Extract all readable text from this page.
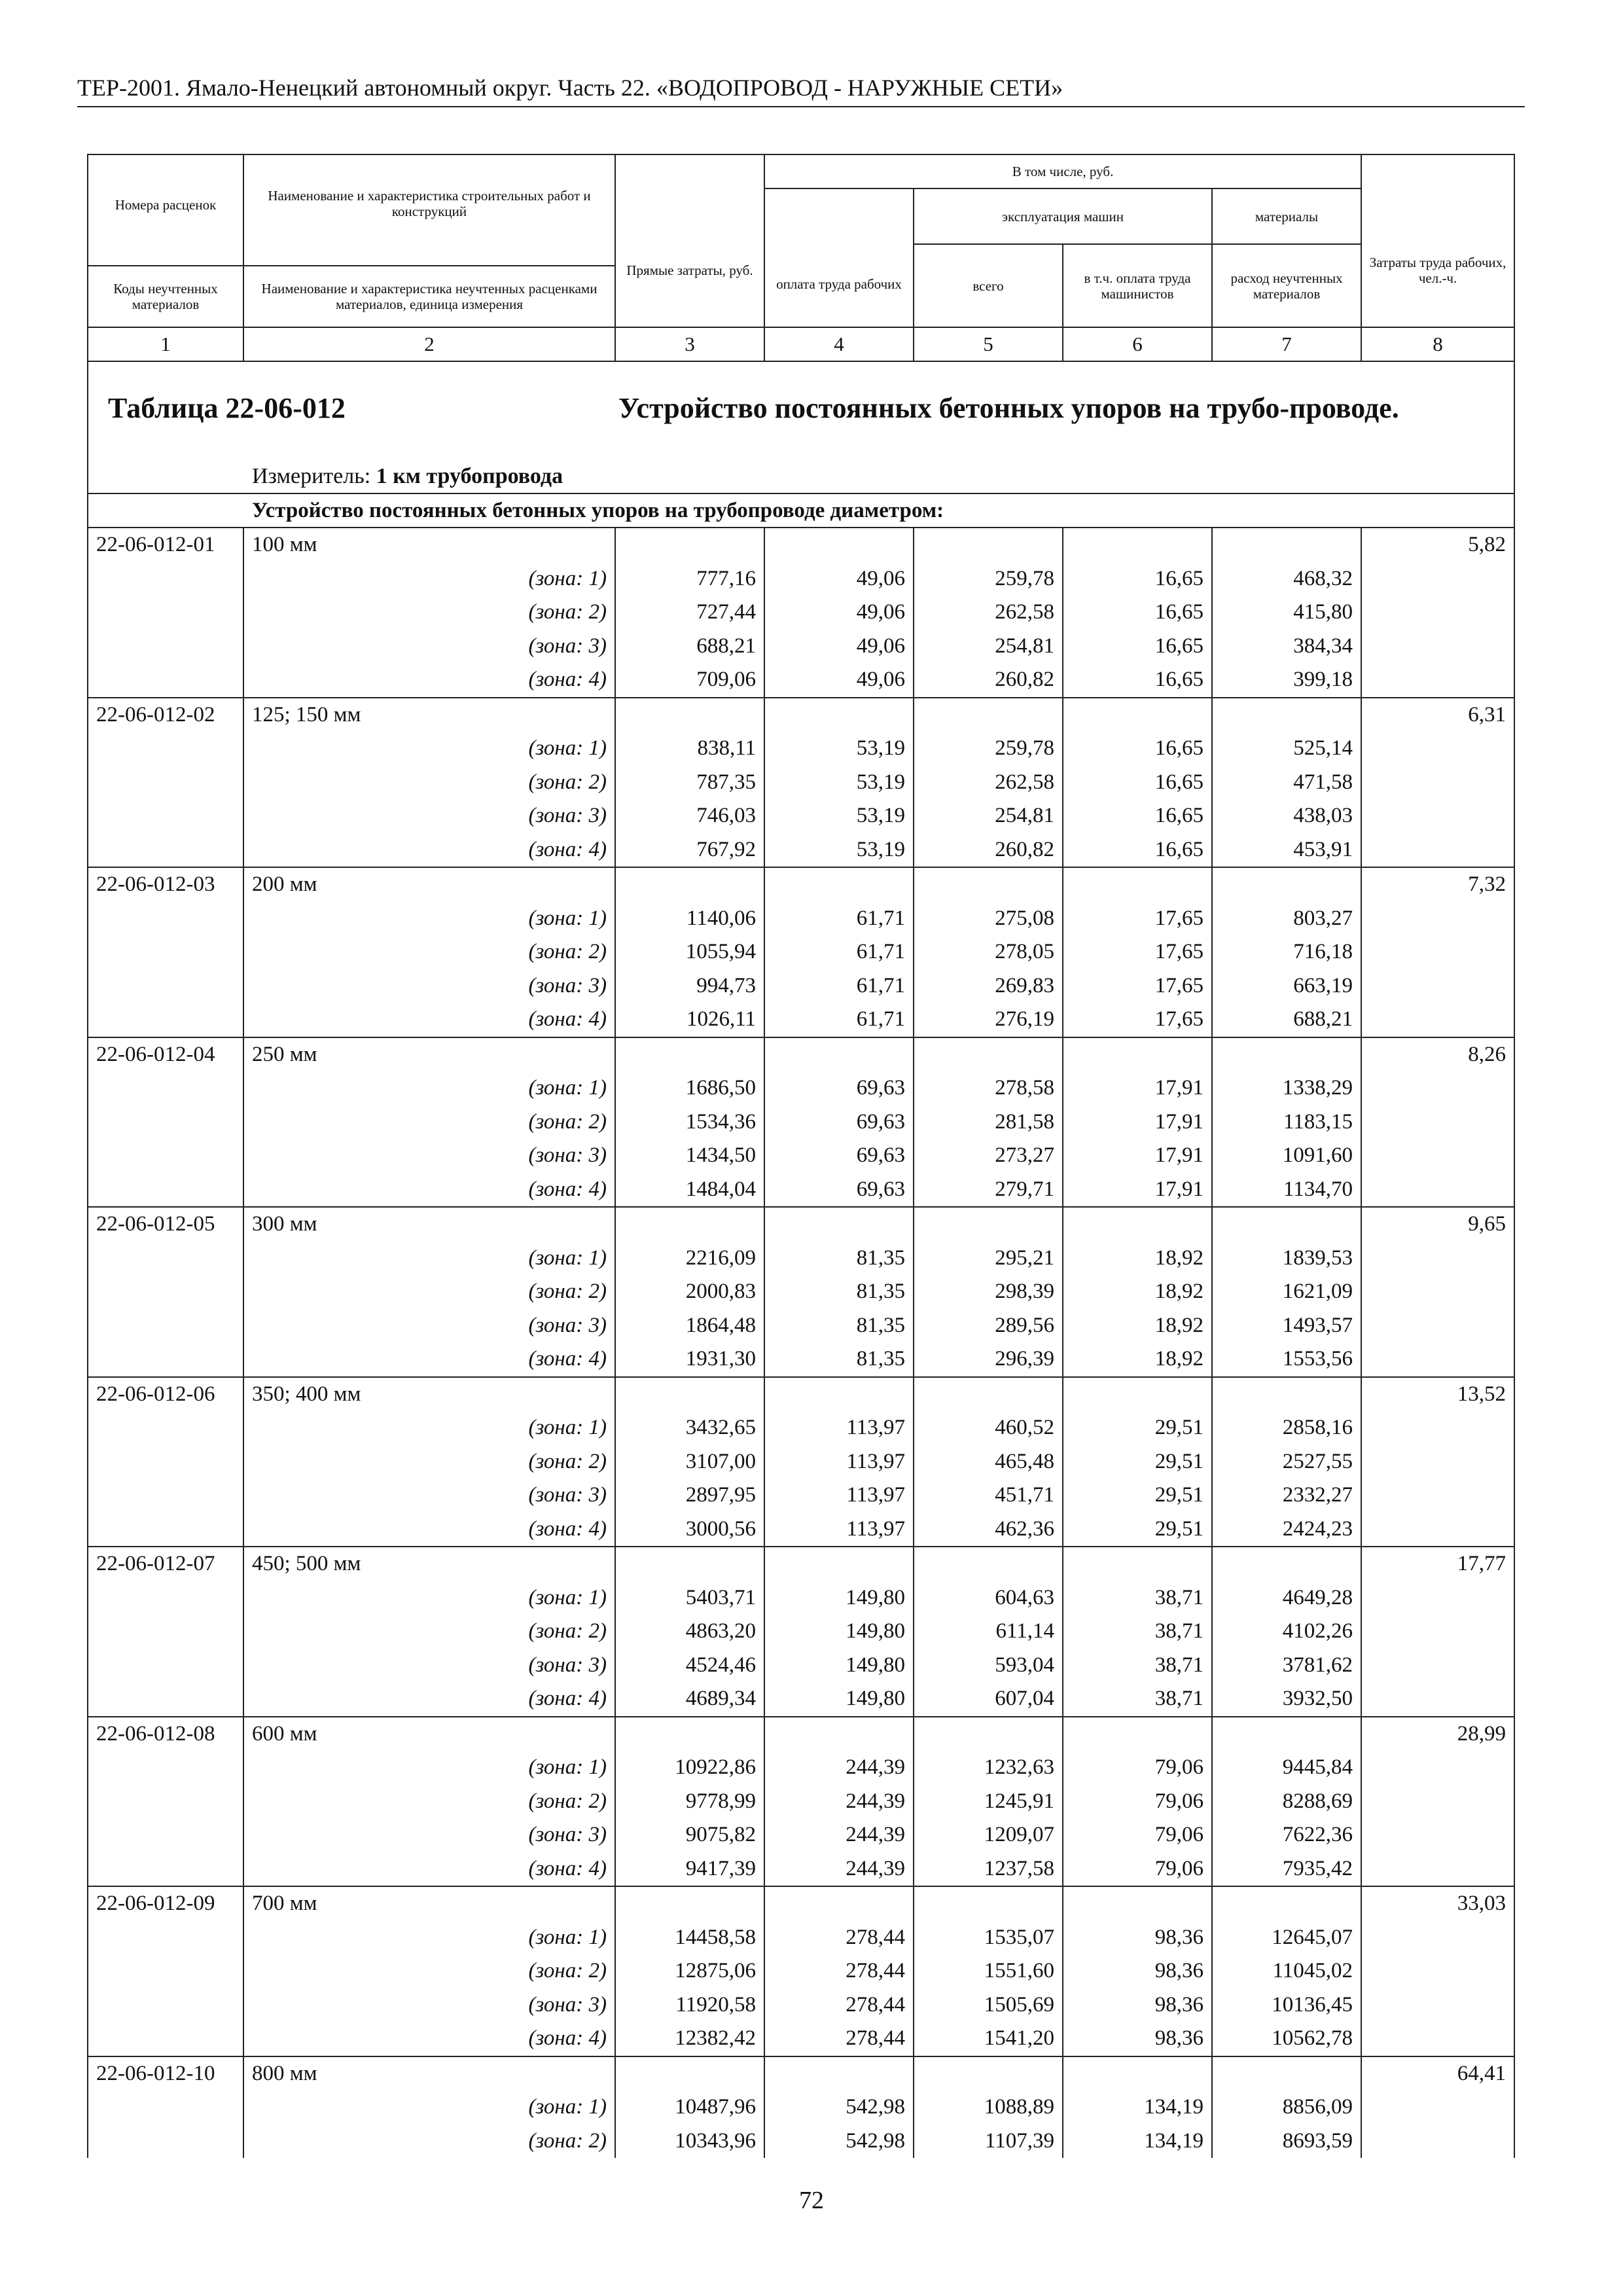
ТЕР-2001. Ямало-Ненецкий автономный округ. Часть 22. «ВОДОПРОВОД - НАРУЖНЫЕ СЕТИ»
Номера расценок	Наименование и характеристика строительных работ и конструкций	Прямые затраты, руб.	В том числе, руб.				Затраты труда рабочих, чел.-ч.

			оплата труда рабочих	эксплуатация машин		материалы	
				всего	в т.ч. оплата труда машинистов	расход неучтенных материалов	
Коды неучтенных материалов	Наименование и характеристика неучтенных расценками материалов, единица измерения						
1	2	3	4	5	6	7	8

Таблица 22-06-012 Устройство постоянных бетонных упоров на трубо-проводе.
Измеритель: 1 км трубопровода							

Устройство постоянных бетонных упоров на трубопроводе диаметром:							
22-06-012-01	100 мм						5,82
	(зона: 1)	777,16	49,06	259,78	16,65	468,32	
	(зона: 2)	727,44	49,06	262,58	16,65	415,80	
	(зона: 3)	688,21	49,06	254,81	16,65	384,34	
	(зона: 4)	709,06	49,06	260,82	16,65	399,18	
22-06-012-02	125; 150 мм						6,31
	(зона: 1)	838,11	53,19	259,78	16,65	525,14	
	(зона: 2)	787,35	53,19	262,58	16,65	471,58	
	(зона: 3)	746,03	53,19	254,81	16,65	438,03	
	(зона: 4)	767,92	53,19	260,82	16,65	453,91	
22-06-012-03	200 мм						7,32
	(зона: 1)	1140,06	61,71	275,08	17,65	803,27	
	(зона: 2)	1055,94	61,71	278,05	17,65	716,18	
	(зона: 3)	994,73	61,71	269,83	17,65	663,19	
	(зона: 4)	1026,11	61,71	276,19	17,65	688,21	
22-06-012-04	250 мм						8,26
	(зона: 1)	1686,50	69,63	278,58	17,91	1338,29	
	(зона: 2)	1534,36	69,63	281,58	17,91	1183,15	
	(зона: 3)	1434,50	69,63	273,27	17,91	1091,60	
	(зона: 4)	1484,04	69,63	279,71	17,91	1134,70	
22-06-012-05	300 мм						9,65
	(зона: 1)	2216,09	81,35	295,21	18,92	1839,53	
	(зона: 2)	2000,83	81,35	298,39	18,92	1621,09	
	(зона: 3)	1864,48	81,35	289,56	18,92	1493,57	
	(зона: 4)	1931,30	81,35	296,39	18,92	1553,56	
22-06-012-06	350; 400 мм						13,52
	(зона: 1)	3432,65	113,97	460,52	29,51	2858,16	
	(зона: 2)	3107,00	113,97	465,48	29,51	2527,55	
	(зона: 3)	2897,95	113,97	451,71	29,51	2332,27	
	(зона: 4)	3000,56	113,97	462,36	29,51	2424,23	
22-06-012-07	450; 500 мм						17,77
	(зона: 1)	5403,71	149,80	604,63	38,71	4649,28	
	(зона: 2)	4863,20	149,80	611,14	38,71	4102,26	
	(зона: 3)	4524,46	149,80	593,04	38,71	3781,62	
	(зона: 4)	4689,34	149,80	607,04	38,71	3932,50	
22-06-012-08	600 мм						28,99
	(зона: 1)	10922,86	244,39	1232,63	79,06	9445,84	
	(зона: 2)	9778,99	244,39	1245,91	79,06	8288,69	
	(зона: 3)	9075,82	244,39	1209,07	79,06	7622,36	
	(зона: 4)	9417,39	244,39	1237,58	79,06	7935,42	
22-06-012-09	700 мм						33,03
	(зона: 1)	14458,58	278,44	1535,07	98,36	12645,07	
	(зона: 2)	12875,06	278,44	1551,60	98,36	11045,02	
	(зона: 3)	11920,58	278,44	1505,69	98,36	10136,45	
	(зона: 4)	12382,42	278,44	1541,20	98,36	10562,78	
22-06-012-10	800 мм						64,41
	(зона: 1)	10487,96	542,98	1088,89	134,19	8856,09	
	(зона: 2)	10343,96	542,98	1107,39	134,19	8693,59	
72
